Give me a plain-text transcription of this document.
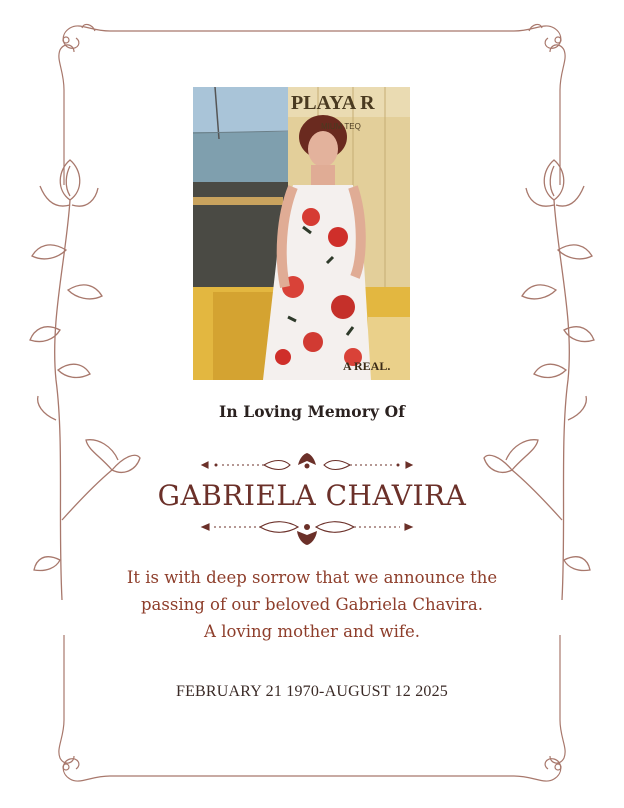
PLAYA R
MIUM TEQ
A REAL.
In Loving Memory Of
GABRIELA CHAVIRA
It is with deep sorrow that we announce the
passing of our beloved Gabriela Chavira.
A loving mother and wife.
FEBRUARY 21 1970-AUGUST 12 2025
